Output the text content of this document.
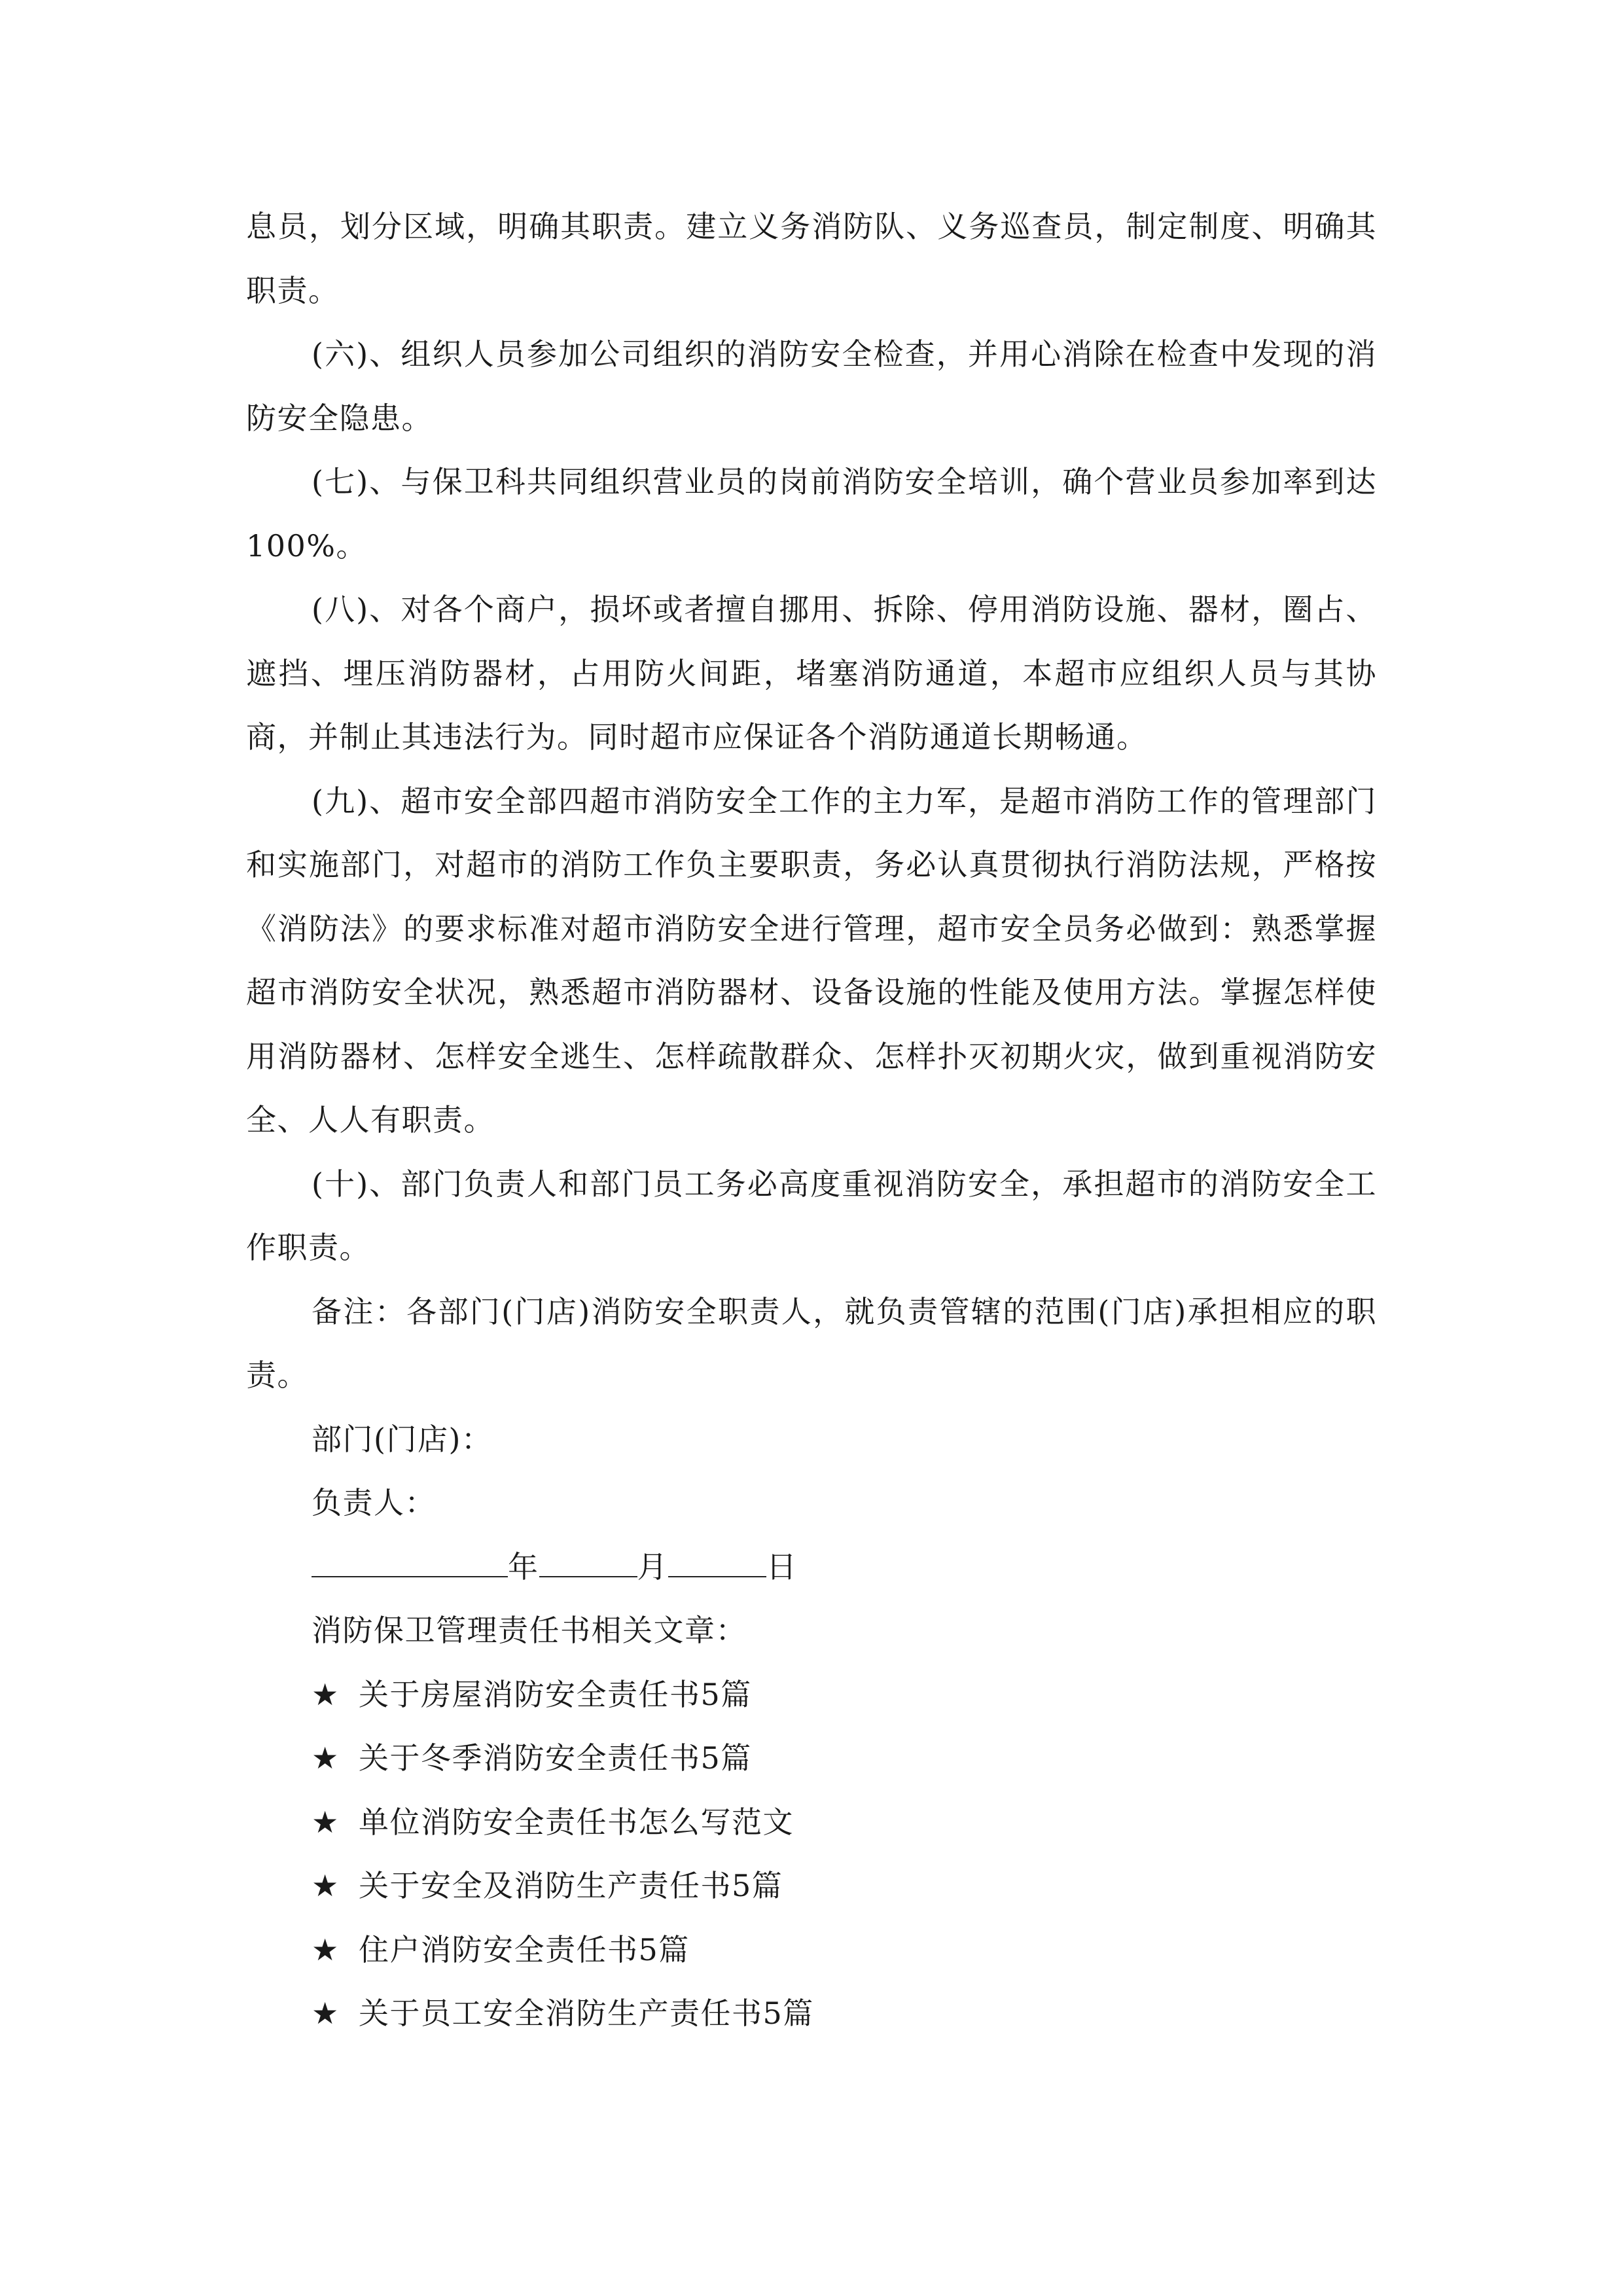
息员，划分区域，明确其职责。建立义务消防队、义务巡查员，制定制度、明确其职责。

(六)、组织人员参加公司组织的消防安全检查，并用心消除在检查中发现的消防安全隐患。

(七)、与保卫科共同组织营业员的岗前消防安全培训，确个营业员参加率到达 100%。

(八)、对各个商户，损坏或者擅自挪用、拆除、停用消防设施、器材，圈占、遮挡、埋压消防器材，占用防火间距，堵塞消防通道，本超市应组织人员与其协商，并制止其违法行为。同时超市应保证各个消防通道长期畅通。

(九)、超市安全部四超市消防安全工作的主力军，是超市消防工作的管理部门和实施部门，对超市的消防工作负主要职责，务必认真贯彻执行消防法规，严格按《消防法》的要求标准对超市消防安全进行管理，超市安全员务必做到：熟悉掌握超市消防安全状况，熟悉超市消防器材、设备设施的性能及使用方法。掌握怎样使用消防器材、怎样安全逃生、怎样疏散群众、怎样扑灭初期火灾，做到重视消防安全、人人有职责。

(十)、部门负责人和部门员工务必高度重视消防安全，承担超市的消防安全工作职责。

备注：各部门(门店)消防安全职责人，就负责管辖的范围(门店)承担相应的职责。

部门(门店)：

负责人：

年	月	日

消防保卫管理责任书相关文章：

★ 关于房屋消防安全责任书5篇

★ 关于冬季消防安全责任书5篇

★ 单位消防安全责任书怎么写范文

★ 关于安全及消防生产责任书5篇

★ 住户消防安全责任书5篇

★ 关于员工安全消防生产责任书5篇
